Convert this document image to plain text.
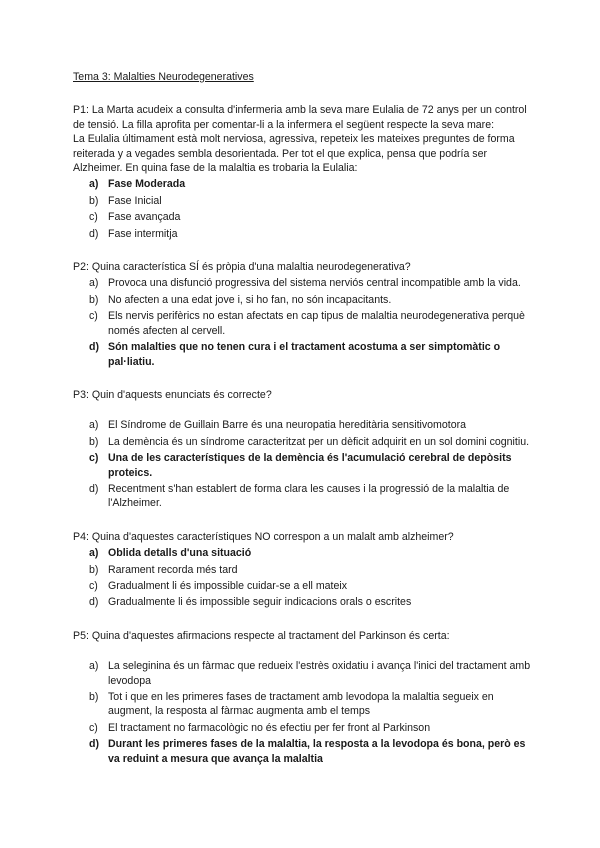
Tema 3: Malalties Neurodegeneratives

P1: La Marta acudeix a consulta d'infermeria amb la seva mare Eulalia de 72 anys per un control de tensió. La filla aprofita per comentar-li a la infermera el següent respecte la seva mare:

La Eulalia últimament està molt nerviosa, agressiva, repeteix les mateixes preguntes de forma reiterada y a vegades sembla desorientada. Per tot el que explica, pensa que podría ser Alzheimer. En quina fase de la malaltia es trobaria la Eulalia:

a) Fase Moderada
b) Fase Inicial
c) Fase avançada
d) Fase intermitja

P2: Quina característica SÍ és pròpia d'una malaltia neurodegenerativa?

a) Provoca una disfunció progressiva del sistema nerviós central incompatible amb la vida.
b) No afecten a una edat jove i, si ho fan, no són incapacitants.
c) Els nervis perifèrics no estan afectats en cap tipus de malaltia neurodegenerativa perquè només afecten al cervell.
d) Són malalties que no tenen cura i el tractament acostuma a ser simptomàtic o pal·liatiu.

P3: Quin d'aquests enunciats és correcte?

a) El Síndrome de Guillain Barre és una neuropatia hereditària sensitivomotora
b) La demència és un síndrome caracteritzat per un dèficit adquirit en un sol domini cognitiu.
c) Una de les característiques de la demència és l'acumulació cerebral de depòsits proteics.
d) Recentment s'han establert de forma clara les causes i la progressió de la malaltia de l'Alzheimer.

P4: Quina d'aquestes característiques NO correspon a un malalt amb alzheimer?

a) Oblida detalls d'una situació
b) Rarament recorda més tard
c) Gradualment li és impossible cuidar-se a ell mateix
d) Gradualmente li és impossible seguir indicacions orals o escrites

P5: Quina d'aquestes afirmacions respecte al tractament del Parkinson és certa:

a) La seleginina és un fàrmac que redueix l'estrès oxidatiu i avança l'inici del tractament amb levodopa
b) Tot i que en les primeres fases de tractament amb levodopa la malaltia segueix en augment, la resposta al fàrmac augmenta amb el temps
c) El tractament no farmacològic no és efectiu per fer front al Parkinson
d) Durant les primeres fases de la malaltia, la resposta a la levodopa és bona, però es va reduint a mesura que avança la malaltia
